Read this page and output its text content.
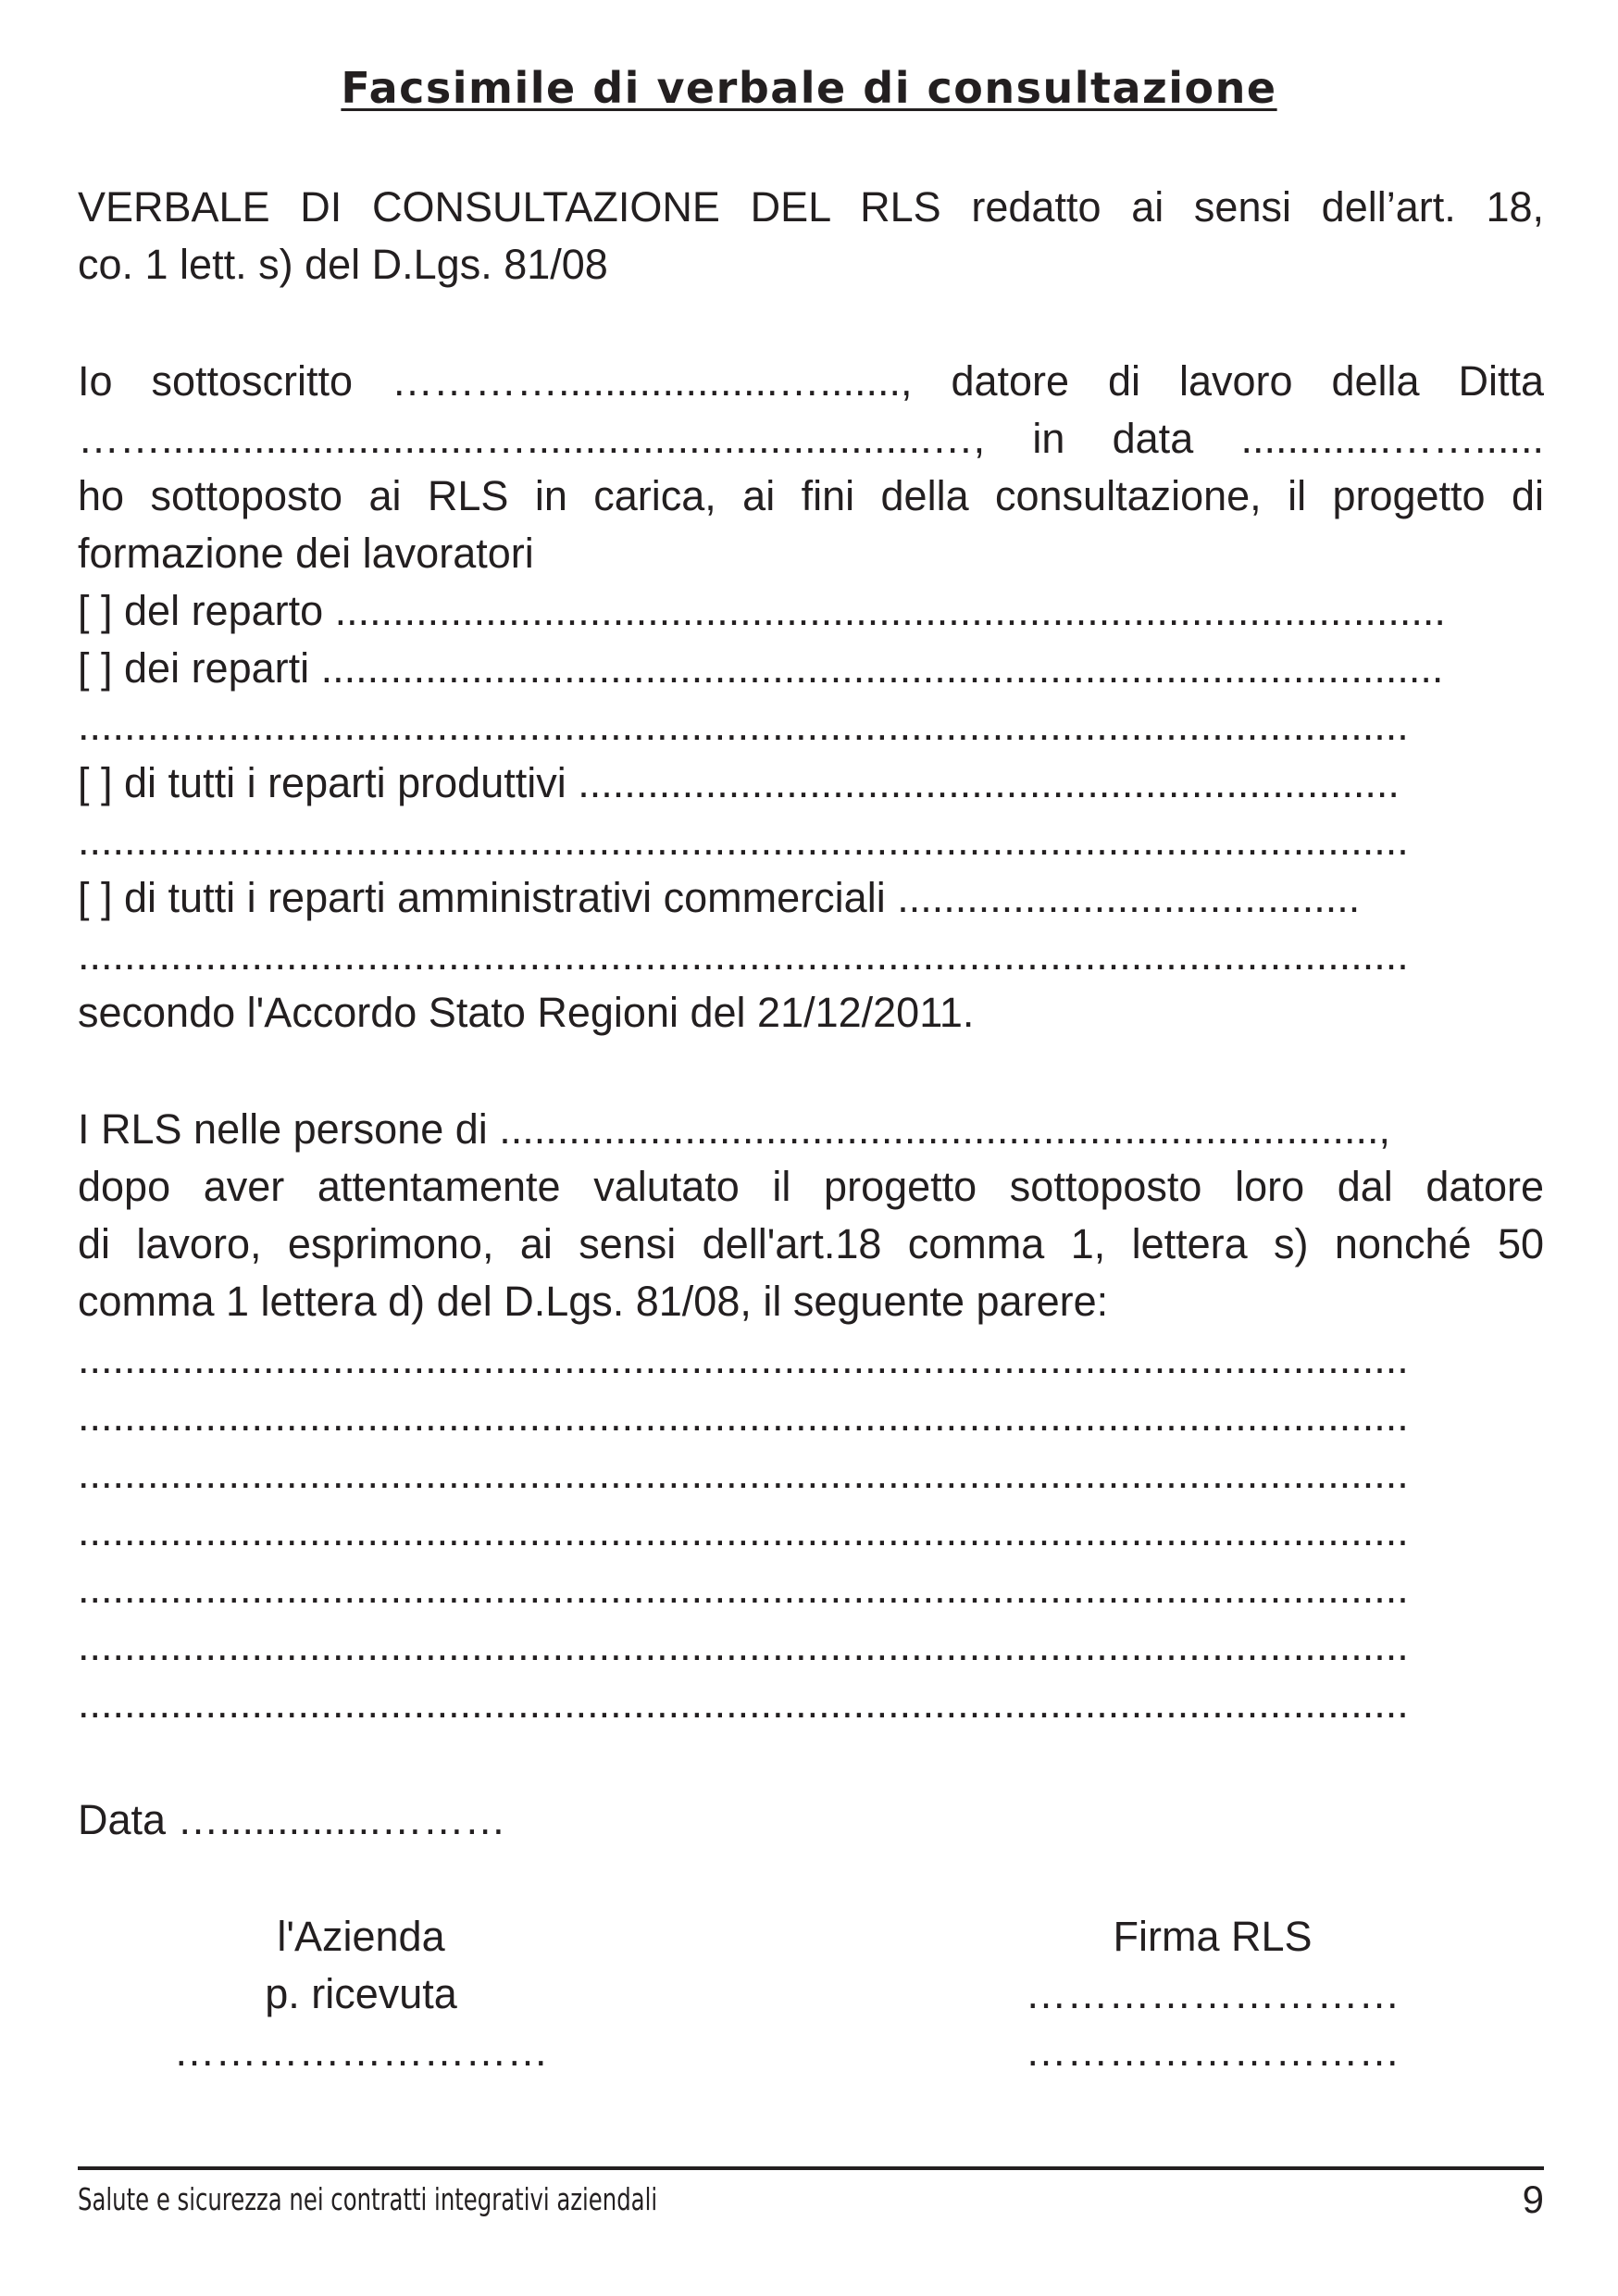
Facsimile di verbale di consultazione
VERBALE DI CONSULTAZIONE DEL RLS redatto ai sensi dell’art. 18,
co. 1 lett. s) del D.Lgs. 81/08
Io sottoscritto …………...................…......., datore di lavoro della Ditta
……............................…...................................…, in data .............……......
ho sottoposto ai RLS in carica, ai fini della consultazione, il progetto di
formazione dei lavoratori
[ ] del reparto ................................................................................................
[ ] dei reparti .................................................................................................
...................................................................................................................
[ ] di tutti i reparti produttivi .......................................................................
...................................................................................................................
[ ] di tutti i reparti amministrativi commerciali ........................................
...................................................................................................................
secondo l'Accordo Stato Regioni del 21/12/2011.
I RLS nelle persone di ............................................................................,
dopo aver attentamente valutato il progetto sottoposto loro dal datore
di lavoro, esprimono, ai sensi dell'art.18 comma 1, lettera s) nonché 50
comma 1 lettera d) del D.Lgs. 81/08, il seguente parere:
...................................................................................................................
...................................................................................................................
...................................................................................................................
...................................................................................................................
...................................................................................................................
...................................................................................................................
...................................................................................................................
Data …..............………
l'Azienda
p. ricevuta
………………………
Firma RLS
………………………
………………………
Salute e sicurezza nei contratti integrativi aziendali	9
